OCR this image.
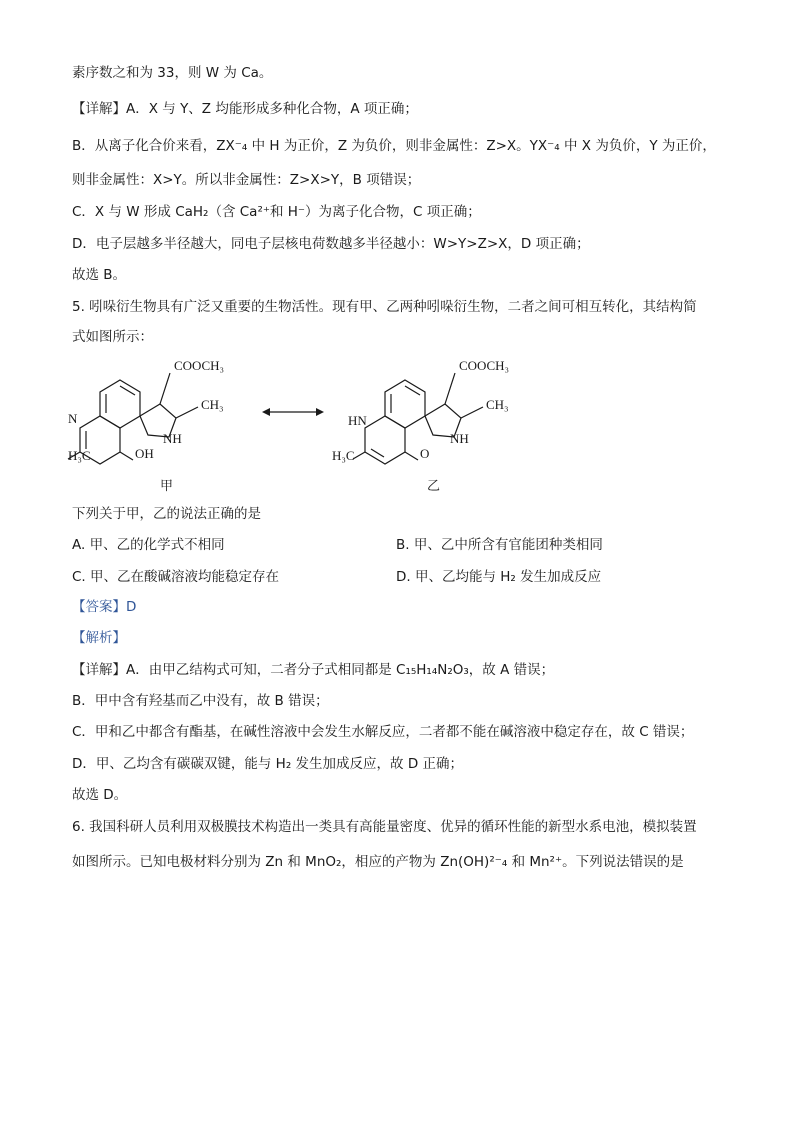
素序数之和为 33，则 W 为 Ca。
【详解】A．X 与 Y、Z 均能形成多种化合物，A 项正确；
B．从离子化合价来看，ZX⁻₄ 中 H 为正价，Z 为负价，则非金属性：Z>X。YX⁻₄ 中 X 为负价，Y 为正价，
则非金属性：X>Y。所以非金属性：Z>X>Y，B 项错误；
C．X 与 W 形成 CaH₂（含 Ca²⁺和 H⁻）为离子化合物，C 项正确；
D．电子层越多半径越大，同电子层核电荷数越多半径越小：W>Y>Z>X，D 项正确；
故选 B。
5. 吲哚衍生物具有广泛又重要的生物活性。现有甲、乙两种吲哚衍生物，二者之间可相互转化，其结构简
式如图所示：
COOCH₃
CH₃
NH
N
H₃C	OH
甲
COOCH₃
CH₃
NH
HN
H₃C	O
乙
下列关于甲，乙的说法正确的是
A. 甲、乙的化学式不相同	B. 甲、乙中所含有官能团种类相同
C. 甲、乙在酸碱溶液均能稳定存在	D. 甲、乙均能与 H₂ 发生加成反应
【答案】D
【解析】
【详解】A．由甲乙结构式可知，二者分子式相同都是 C₁₅H₁₄N₂O₃，故 A 错误；
B．甲中含有羟基而乙中没有，故 B 错误；
C．甲和乙中都含有酯基，在碱性溶液中会发生水解反应，二者都不能在碱溶液中稳定存在，故 C 错误；
D．甲、乙均含有碳碳双键，能与 H₂ 发生加成反应，故 D 正确；
故选 D。
6. 我国科研人员利用双极膜技术构造出一类具有高能量密度、优异的循环性能的新型水系电池，模拟装置
如图所示。已知电极材料分别为 Zn 和 MnO₂，相应的产物为 Zn(OH)²⁻₄ 和 Mn²⁺。下列说法错误的是
